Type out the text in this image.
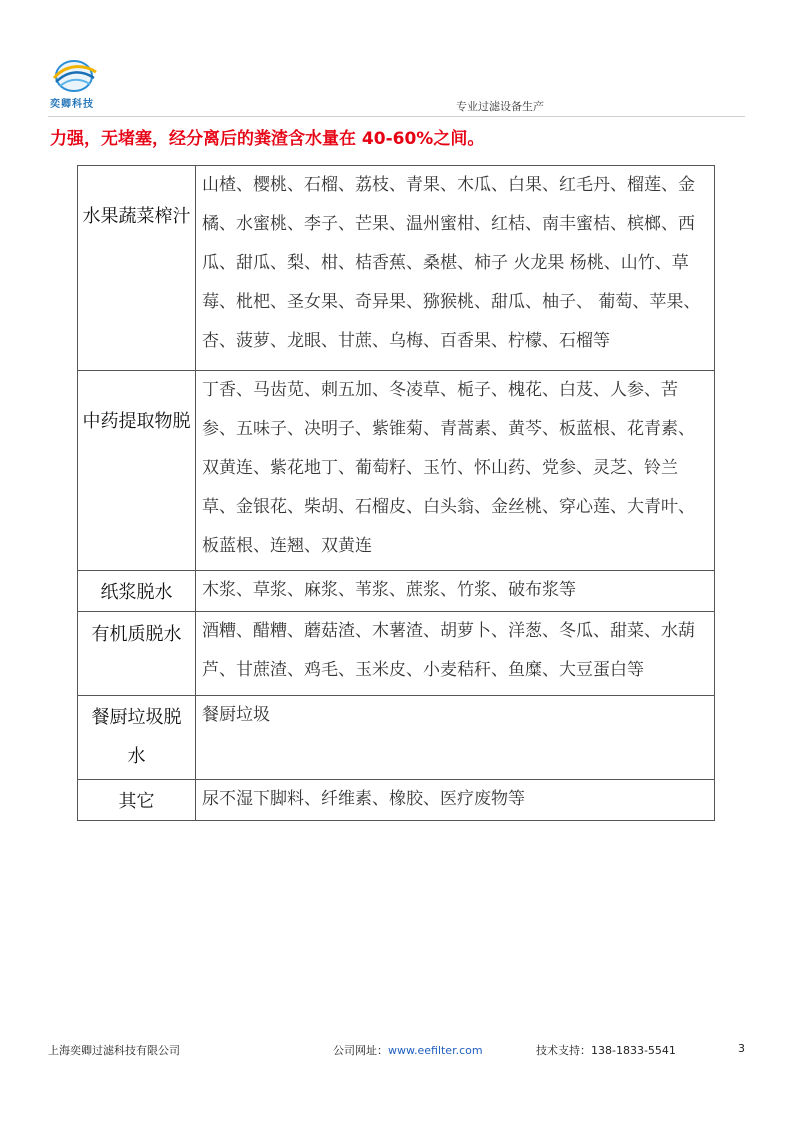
奕卿科技	专业过滤设备生产
力强，无堵塞，经分离后的粪渣含水量在 40-60%之间。
水果蔬菜榨汁	山楂、樱桃、石榴、荔枝、青果、木瓜、白果、红毛丹、榴莲、金橘、水蜜桃、李子、芒果、温州蜜柑、红桔、南丰蜜桔、槟榔、西瓜、甜瓜、梨、柑、桔香蕉、桑椹、柿子 火龙果 杨桃、山竹、草莓、枇杷、圣女果、奇异果、猕猴桃、甜瓜、柚子、 葡萄、苹果、杏、菠萝、龙眼、甘蔗、乌梅、百香果、柠檬、石榴等

中药提取物脱	丁香、马齿苋、刺五加、冬凌草、栀子、槐花、白芨、人参、苦参、五味子、决明子、紫锥菊、青蒿素、黄芩、板蓝根、花青素、双黄连、紫花地丁、葡萄籽、玉竹、怀山药、党参、灵芝、铃兰草、金银花、柴胡、石榴皮、白头翁、金丝桃、穿心莲、大青叶、板蓝根、连翘、双黄连
纸浆脱水	木浆、草浆、麻浆、苇浆、蔗浆、竹浆、破布浆等

有机质脱水	酒糟、醋糟、蘑菇渣、木薯渣、胡萝卜、洋葱、冬瓜、甜菜、水葫芦、甘蔗渣、鸡毛、玉米皮、小麦秸秆、鱼糜、大豆蛋白等

餐厨垃圾脱水	餐厨垃圾
其它	尿不湿下脚料、纤维素、橡胶、医疗废物等
上海奕卿过滤科技有限公司	公司网址：www.eefilter.com	技术支持：138-1833-5541	3
